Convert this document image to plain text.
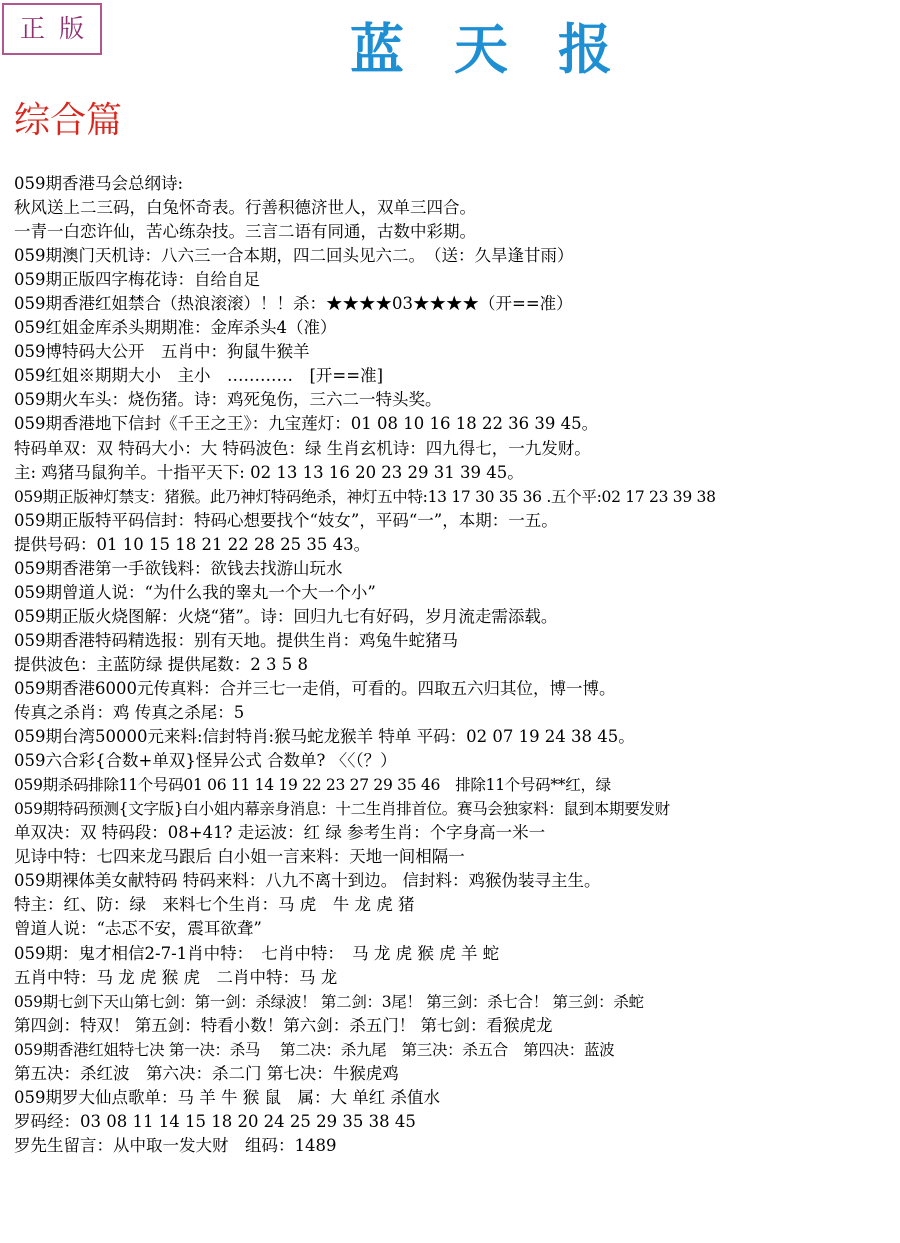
正版	蓝天报
综合篇
059期香港马会总纲诗:
秋风送上二三码，白兔怀奇表。行善积德济世人，双单三四合。
一青一白恋许仙，苦心练杂技。三言二语有同通，古数中彩期。
059期澳门天机诗：八六三一合本期，四二回头见六二。　（送：久旱逢甘雨）
059期正版四字梅花诗：自给自足
059期香港红姐禁合（热浪滚滚）！！杀：★★★★03★★★★（开==准）
059红姐金库杀头期期准：金库杀头4（准）
059博特码大公开　五肖中：狗鼠牛猴羊
059红姐※期期大小　主小　…………　[开==准]
059期火车头：烧伤猪。诗：鸡死兔伤，三六二一特头奖。
059期香港地下信封《千王之王》：九宝莲灯：01 08 10 16 18 22 36 39 45。
特码单双：双 特码大小：大 特码波色：绿 生肖玄机诗：四九得七，一九发财。
主: 鸡猪马鼠狗羊。十指平天下: 02 13 13 16 20 23 29 31 39 45。
059期正版神灯禁支：猪猴。此乃神灯特码绝杀，神灯五中特:13 17 30 35 36 .五个平:02 17 23 39 38
059期正版特平码信封：特码心想要找个“妓女”，平码“一”，本期：一五。
提供号码：01 10 15 18 21 22 28 25 35 43。
059期香港第一手欲钱料：欲钱去找游山玩水
059期曾道人说：“为什么我的睾丸一个大一个小”
059期正版火烧图解：火烧“猪”。诗：回归九七有好码，岁月流走需添载。
059期香港特码精选报：别有天地。提供生肖：鸡兔牛蛇猪马
提供波色：主蓝防绿 提供尾数：2 3 5 8
059期香港6000元传真料：合并三七一走俏，可看的。四取五六归其位，博一博。
传真之杀肖：鸡 传真之杀尾：5
059期台湾50000元来料:信封特肖:猴马蛇龙猴羊 特单 平码：02 07 19 24 38 45。
059六合彩{合数+单双}怪异公式 合数单? 〈〈（？）
059期杀码排除11个号码01 06 11 14 19 22 23 27 29 35 46　排除11个号码**红，绿
059期特码预测{文字版}白小姐内幕亲身消息：十二生肖排首位。赛马会独家料：鼠到本期要发财
单双决：双 特码段：08+41? 走运波：红 绿 参考生肖：个字身高一米一
见诗中特：七四来龙马跟后 白小姐一言来料：天地一间相隔一
059期裸体美女献特码 特码来料：八九不离十到边。 信封料：鸡猴伪装寻主生。
特主：红、防：绿　来料七个生肖：马 虎　牛 龙 虎 猪
曾道人说：“忐忑不安，震耳欲聋”
059期：鬼才相信2-7-1肖中特：　七肖中特：　马 龙 虎 猴 虎 羊 蛇
五肖中特：马 龙 虎 猴 虎　二肖中特：马 龙
059期七剑下天山第七剑：第一剑：杀绿波！ 第二剑：3尾！ 第三剑：杀七合！ 第三剑：杀蛇
第四剑：特双！ 第五剑：特看小数！第六剑：杀五门！ 第七剑：看猴虎龙
059期香港红姐特七决 第一决：杀马　 第二决：杀九尾　第三决：杀五合　第四决：蓝波
第五决：杀红波　第六决：杀二门 第七决：牛猴虎鸡
059期罗大仙点歌单：马 羊 牛 猴 鼠　属：大 单红 杀值水
罗码经：03 08 11 14 15 18 20 24 25 29 35 38 45
罗先生留言：从中取一发大财　组码：1489
